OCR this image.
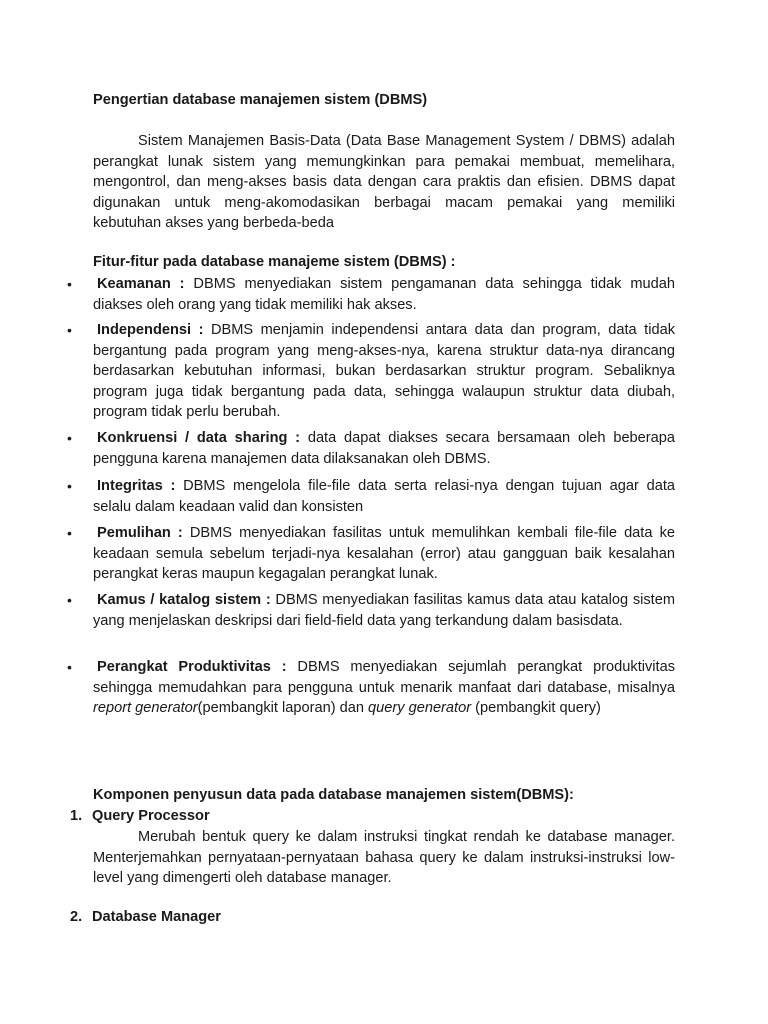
Pengertian database manajemen sistem (DBMS)

Sistem Manajemen Basis-Data (Data Base Management System / DBMS) adalah perangkat lunak sistem yang memungkinkan para pemakai membuat, memelihara, mengontrol, dan meng-akses basis data dengan cara praktis dan efisien. DBMS dapat digunakan untuk meng-akomodasikan berbagai macam pemakai yang memiliki kebutuhan akses yang berbeda-beda

Fitur-fitur pada database manajeme sistem (DBMS) :

• Keamanan : DBMS menyediakan sistem pengamanan data sehingga tidak mudah diakses oleh orang yang tidak memiliki hak akses.
• Independensi : DBMS menjamin independensi antara data dan program, data tidak bergantung pada program yang meng-akses-nya, karena struktur data-nya dirancang berdasarkan kebutuhan informasi, bukan berdasarkan struktur program. Sebaliknya program juga tidak bergantung pada data, sehingga walaupun struktur data diubah, program tidak perlu berubah.
• Konkruensi / data sharing : data dapat diakses secara bersamaan oleh beberapa pengguna karena manajemen data dilaksanakan oleh DBMS.
• Integritas : DBMS mengelola file-file data serta relasi-nya dengan tujuan agar data selalu dalam keadaan valid dan konsisten
• Pemulihan : DBMS menyediakan fasilitas untuk memulihkan kembali file-file data ke keadaan semula sebelum terjadi-nya kesalahan (error) atau gangguan baik kesalahan perangkat keras maupun kegagalan perangkat lunak.
• Kamus / katalog sistem : DBMS menyediakan fasilitas kamus data atau katalog sistem yang menjelaskan deskripsi dari field-field data yang terkandung dalam basisdata.
• Perangkat Produktivitas : DBMS menyediakan sejumlah perangkat produktivitas sehingga memudahkan para pengguna untuk menarik manfaat dari database, misalnya report generator(pembangkit laporan) dan query generator (pembangkit query)

Komponen penyusun data pada database manajemen sistem(DBMS):

1. Query Processor

Merubah bentuk query ke dalam instruksi tingkat rendah ke database manager. Menterjemahkan pernyataan-pernyataan bahasa query ke dalam instruksi-instruksi low-level yang dimengerti oleh database manager.

2. Database Manager
